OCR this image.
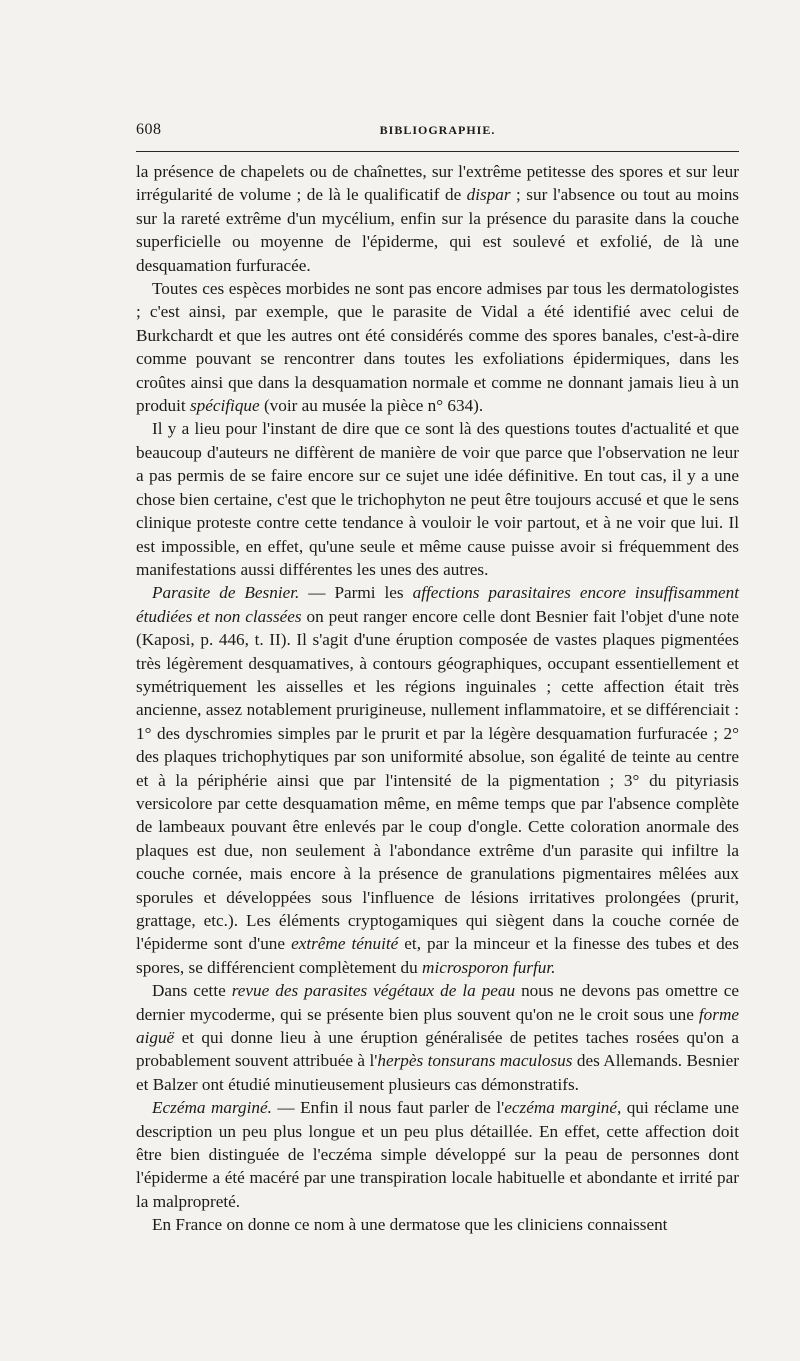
608	BIBLIOGRAPHIE.

la présence de chapelets ou de chaînettes, sur l'extrême petitesse des spores et sur leur irrégularité de volume ; de là le qualificatif de dispar ; sur l'absence ou tout au moins sur la rareté extrême d'un mycélium, enfin sur la présence du parasite dans la couche superficielle ou moyenne de l'épiderme, qui est soulevé et exfolié, de là une desquamation furfuracée.

Toutes ces espèces morbides ne sont pas encore admises par tous les dermatologistes ; c'est ainsi, par exemple, que le parasite de Vidal a été identifié avec celui de Burkchardt et que les autres ont été considérés comme des spores banales, c'est-à-dire comme pouvant se rencontrer dans toutes les exfoliations épidermiques, dans les croûtes ainsi que dans la desquamation normale et comme ne donnant jamais lieu à un produit spécifique (voir au musée la pièce n° 634).

Il y a lieu pour l'instant de dire que ce sont là des questions toutes d'actualité et que beaucoup d'auteurs ne diffèrent de manière de voir que parce que l'observation ne leur a pas permis de se faire encore sur ce sujet une idée définitive. En tout cas, il y a une chose bien certaine, c'est que le trichophyton ne peut être toujours accusé et que le sens clinique proteste contre cette tendance à vouloir le voir partout, et à ne voir que lui. Il est impossible, en effet, qu'une seule et même cause puisse avoir si fréquemment des manifestations aussi différentes les unes des autres.

Parasite de Besnier. — Parmi les affections parasitaires encore insuffisamment étudiées et non classées on peut ranger encore celle dont Besnier fait l'objet d'une note (Kaposi, p. 446, t. II). Il s'agit d'une éruption composée de vastes plaques pigmentées très légèrement desquamatives, à contours géographiques, occupant essentiellement et symétriquement les aisselles et les régions inguinales ; cette affection était très ancienne, assez notablement prurigineuse, nullement inflammatoire, et se différenciait : 1° des dyschromies simples par le prurit et par la légère desquamation furfuracée ; 2° des plaques trichophytiques par son uniformité absolue, son égalité de teinte au centre et à la périphérie ainsi que par l'intensité de la pigmentation ; 3° du pityriasis versicolore par cette desquamation même, en même temps que par l'absence complète de lambeaux pouvant être enlevés par le coup d'ongle. Cette coloration anormale des plaques est due, non seulement à l'abondance extrême d'un parasite qui infiltre la couche cornée, mais encore à la présence de granulations pigmentaires mêlées aux sporules et développées sous l'influence de lésions irritatives prolongées (prurit, grattage, etc.). Les éléments cryptogamiques qui siègent dans la couche cornée de l'épiderme sont d'une extrême ténuité et, par la minceur et la finesse des tubes et des spores, se différencient complètement du microsporon furfur.

Dans cette revue des parasites végétaux de la peau nous ne devons pas omettre ce dernier mycoderme, qui se présente bien plus souvent qu'on ne le croit sous une forme aiguë et qui donne lieu à une éruption généralisée de petites taches rosées qu'on a probablement souvent attribuée à l'herpès tonsurans maculosus des Allemands. Besnier et Balzer ont étudié minutieusement plusieurs cas démonstratifs.

Eczéma marginé. — Enfin il nous faut parler de l'eczéma marginé, qui réclame une description un peu plus longue et un peu plus détaillée. En effet, cette affection doit être bien distinguée de l'eczéma simple développé sur la peau de personnes dont l'épiderme a été macéré par une transpiration locale habituelle et abondante et irrité par la malpropreté.

En France on donne ce nom à une dermatose que les cliniciens connaissent
